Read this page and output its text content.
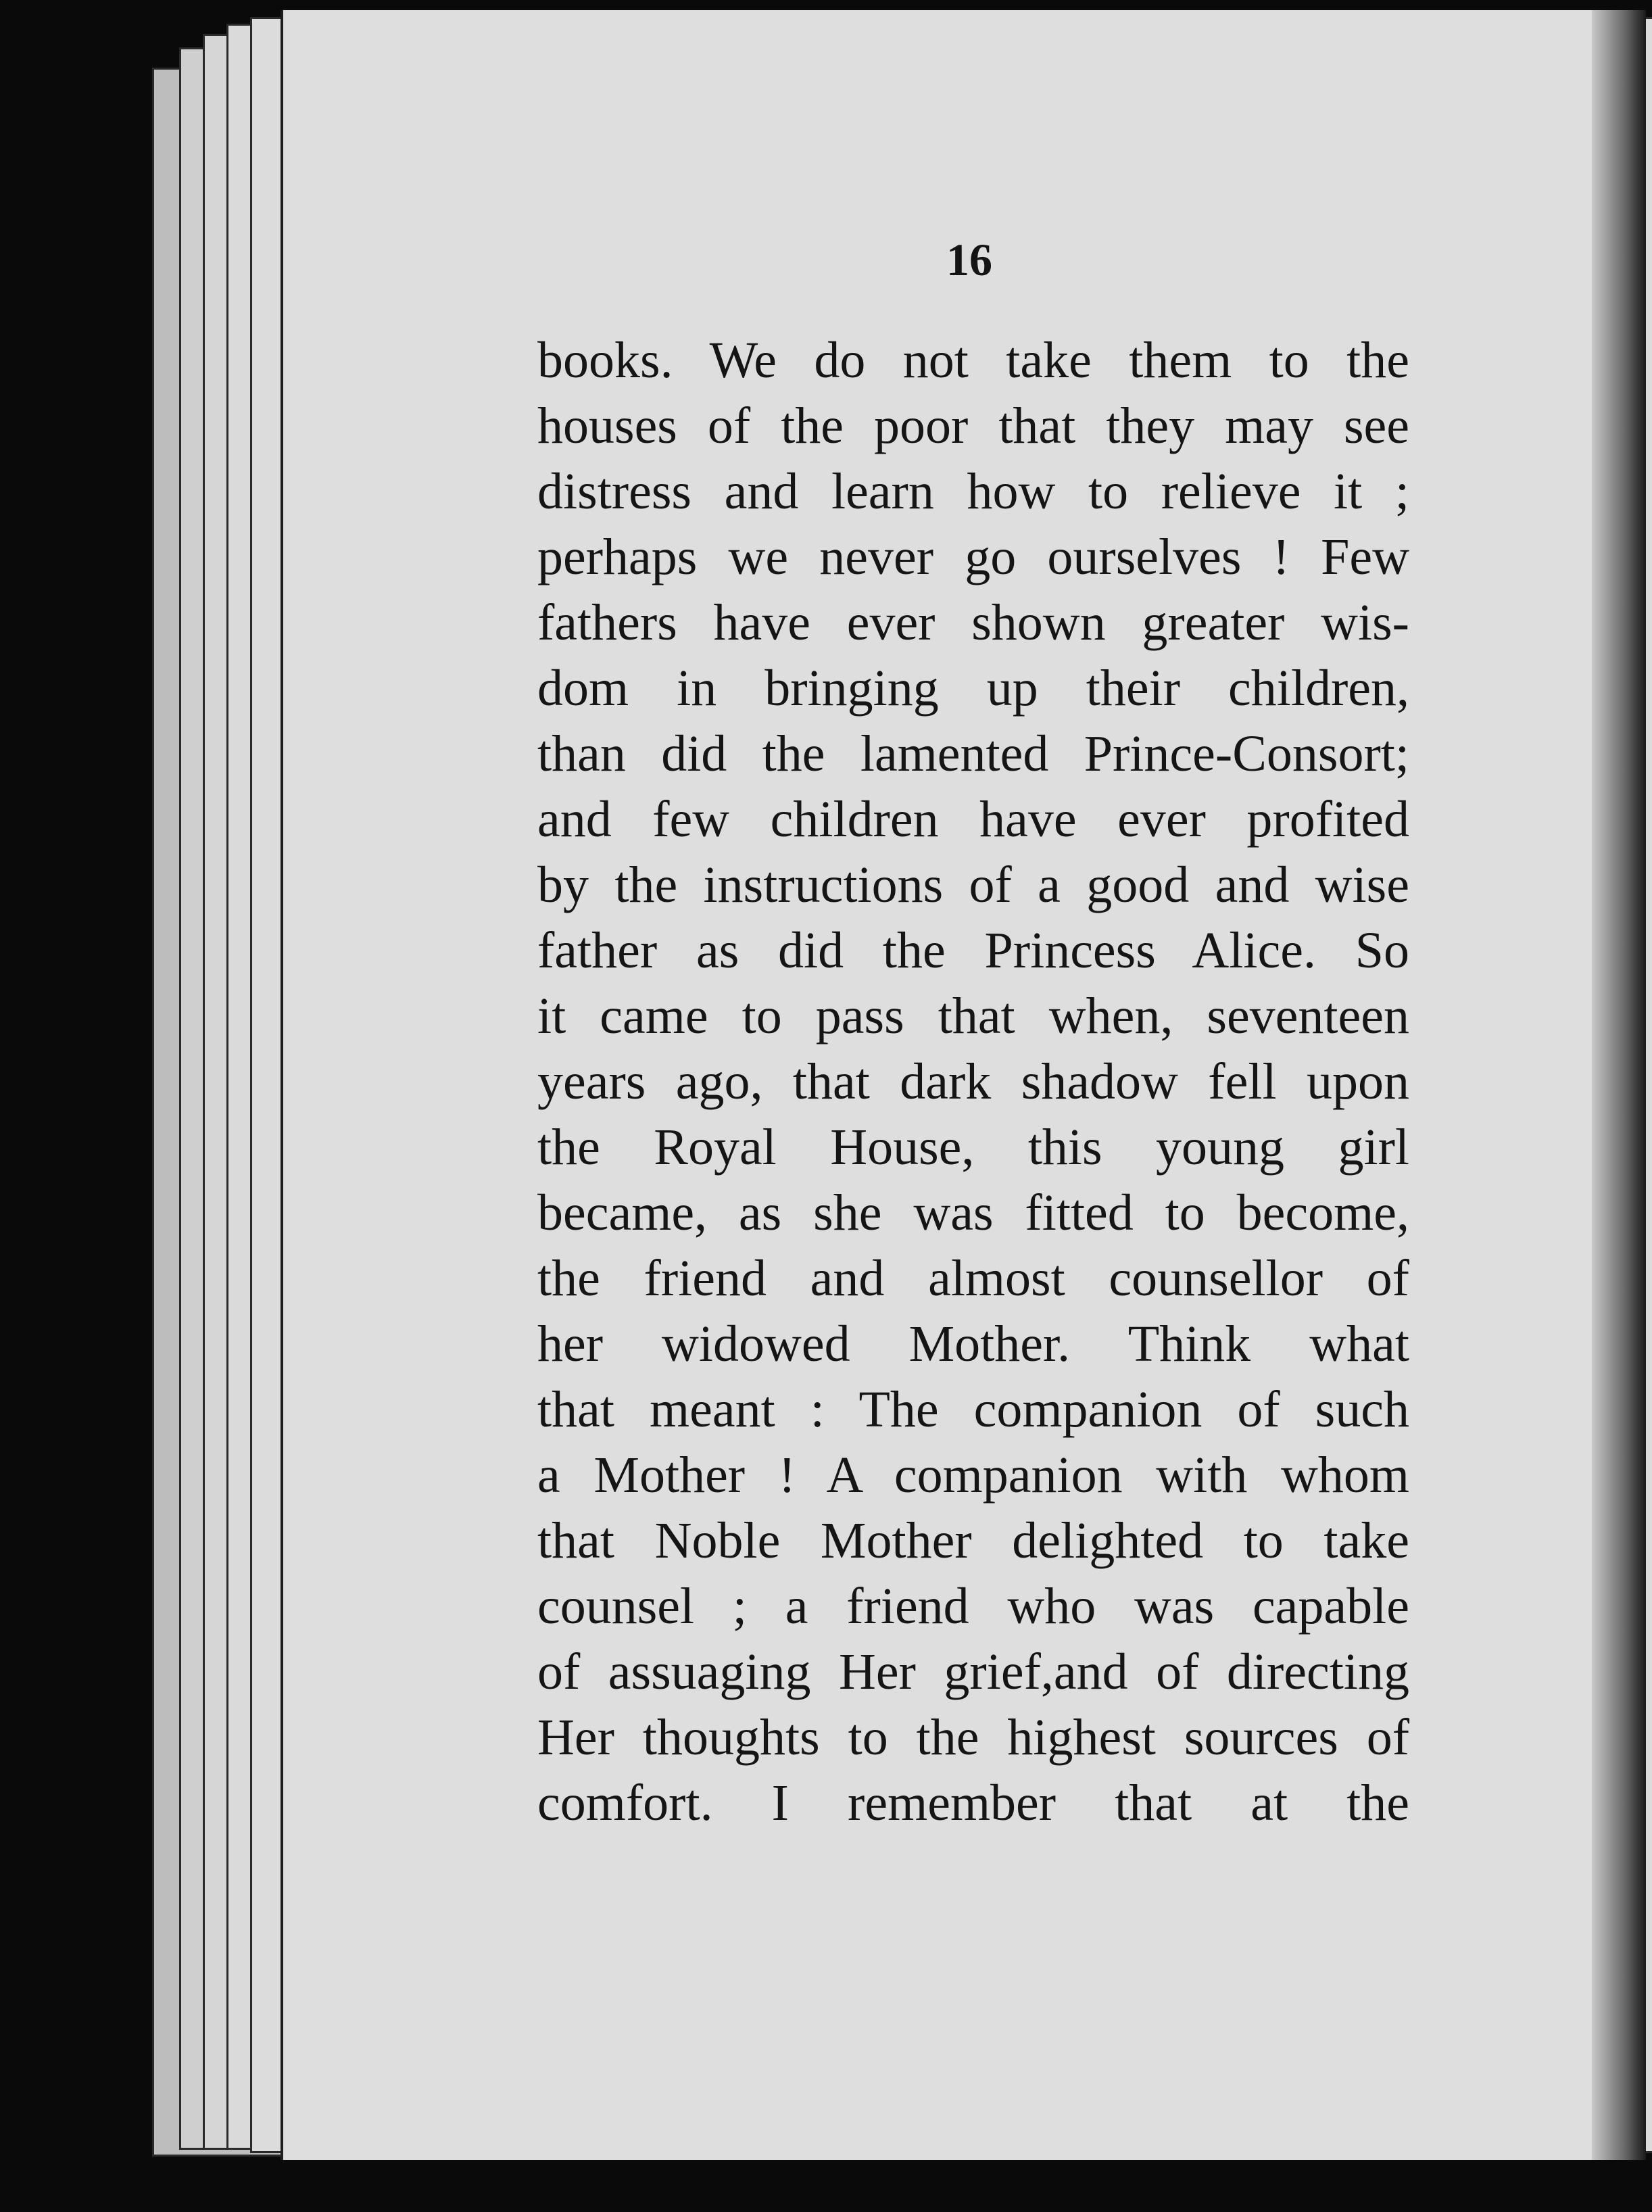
16
books. We do not take them to the
houses of the poor that they may see
distress and learn how to relieve it ;
perhaps we never go ourselves ! Few
fathers have ever shown greater wis-
dom in bringing up their children,
than did the lamented Prince-Consort;
and few children have ever profited
by the instructions of a good and wise
father as did the Princess Alice. So
it came to pass that when, seventeen
years ago, that dark shadow fell upon
the Royal House, this young girl
became, as she was fitted to become,
the friend and almost counsellor of
her widowed Mother. Think what
that meant : The companion of such
a Mother ! A companion with whom
that Noble Mother delighted to take
counsel ; a friend who was capable
of assuaging Her grief,and of directing
Her thoughts to the highest sources of
comfort. I remember that at the
